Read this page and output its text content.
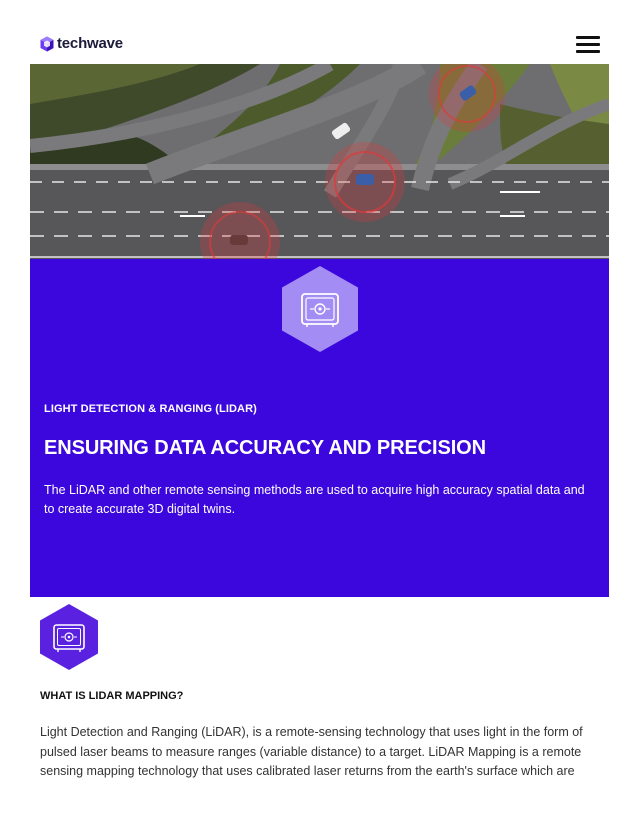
techwave
LIGHT DETECTION & RANGING (LIDAR)
ENSURING DATA ACCURACY AND PRECISION

The LiDAR and other remote sensing methods are used to acquire high accuracy spatial data and to create accurate 3D digital twins.

WHAT IS LIDAR MAPPING?

Light Detection and Ranging (LiDAR), is a remote-sensing technology that uses light in the form of pulsed laser beams to measure ranges (variable distance) to a target. LiDAR Mapping is a remote sensing mapping technology that uses calibrated laser returns from the earth's surface which are
